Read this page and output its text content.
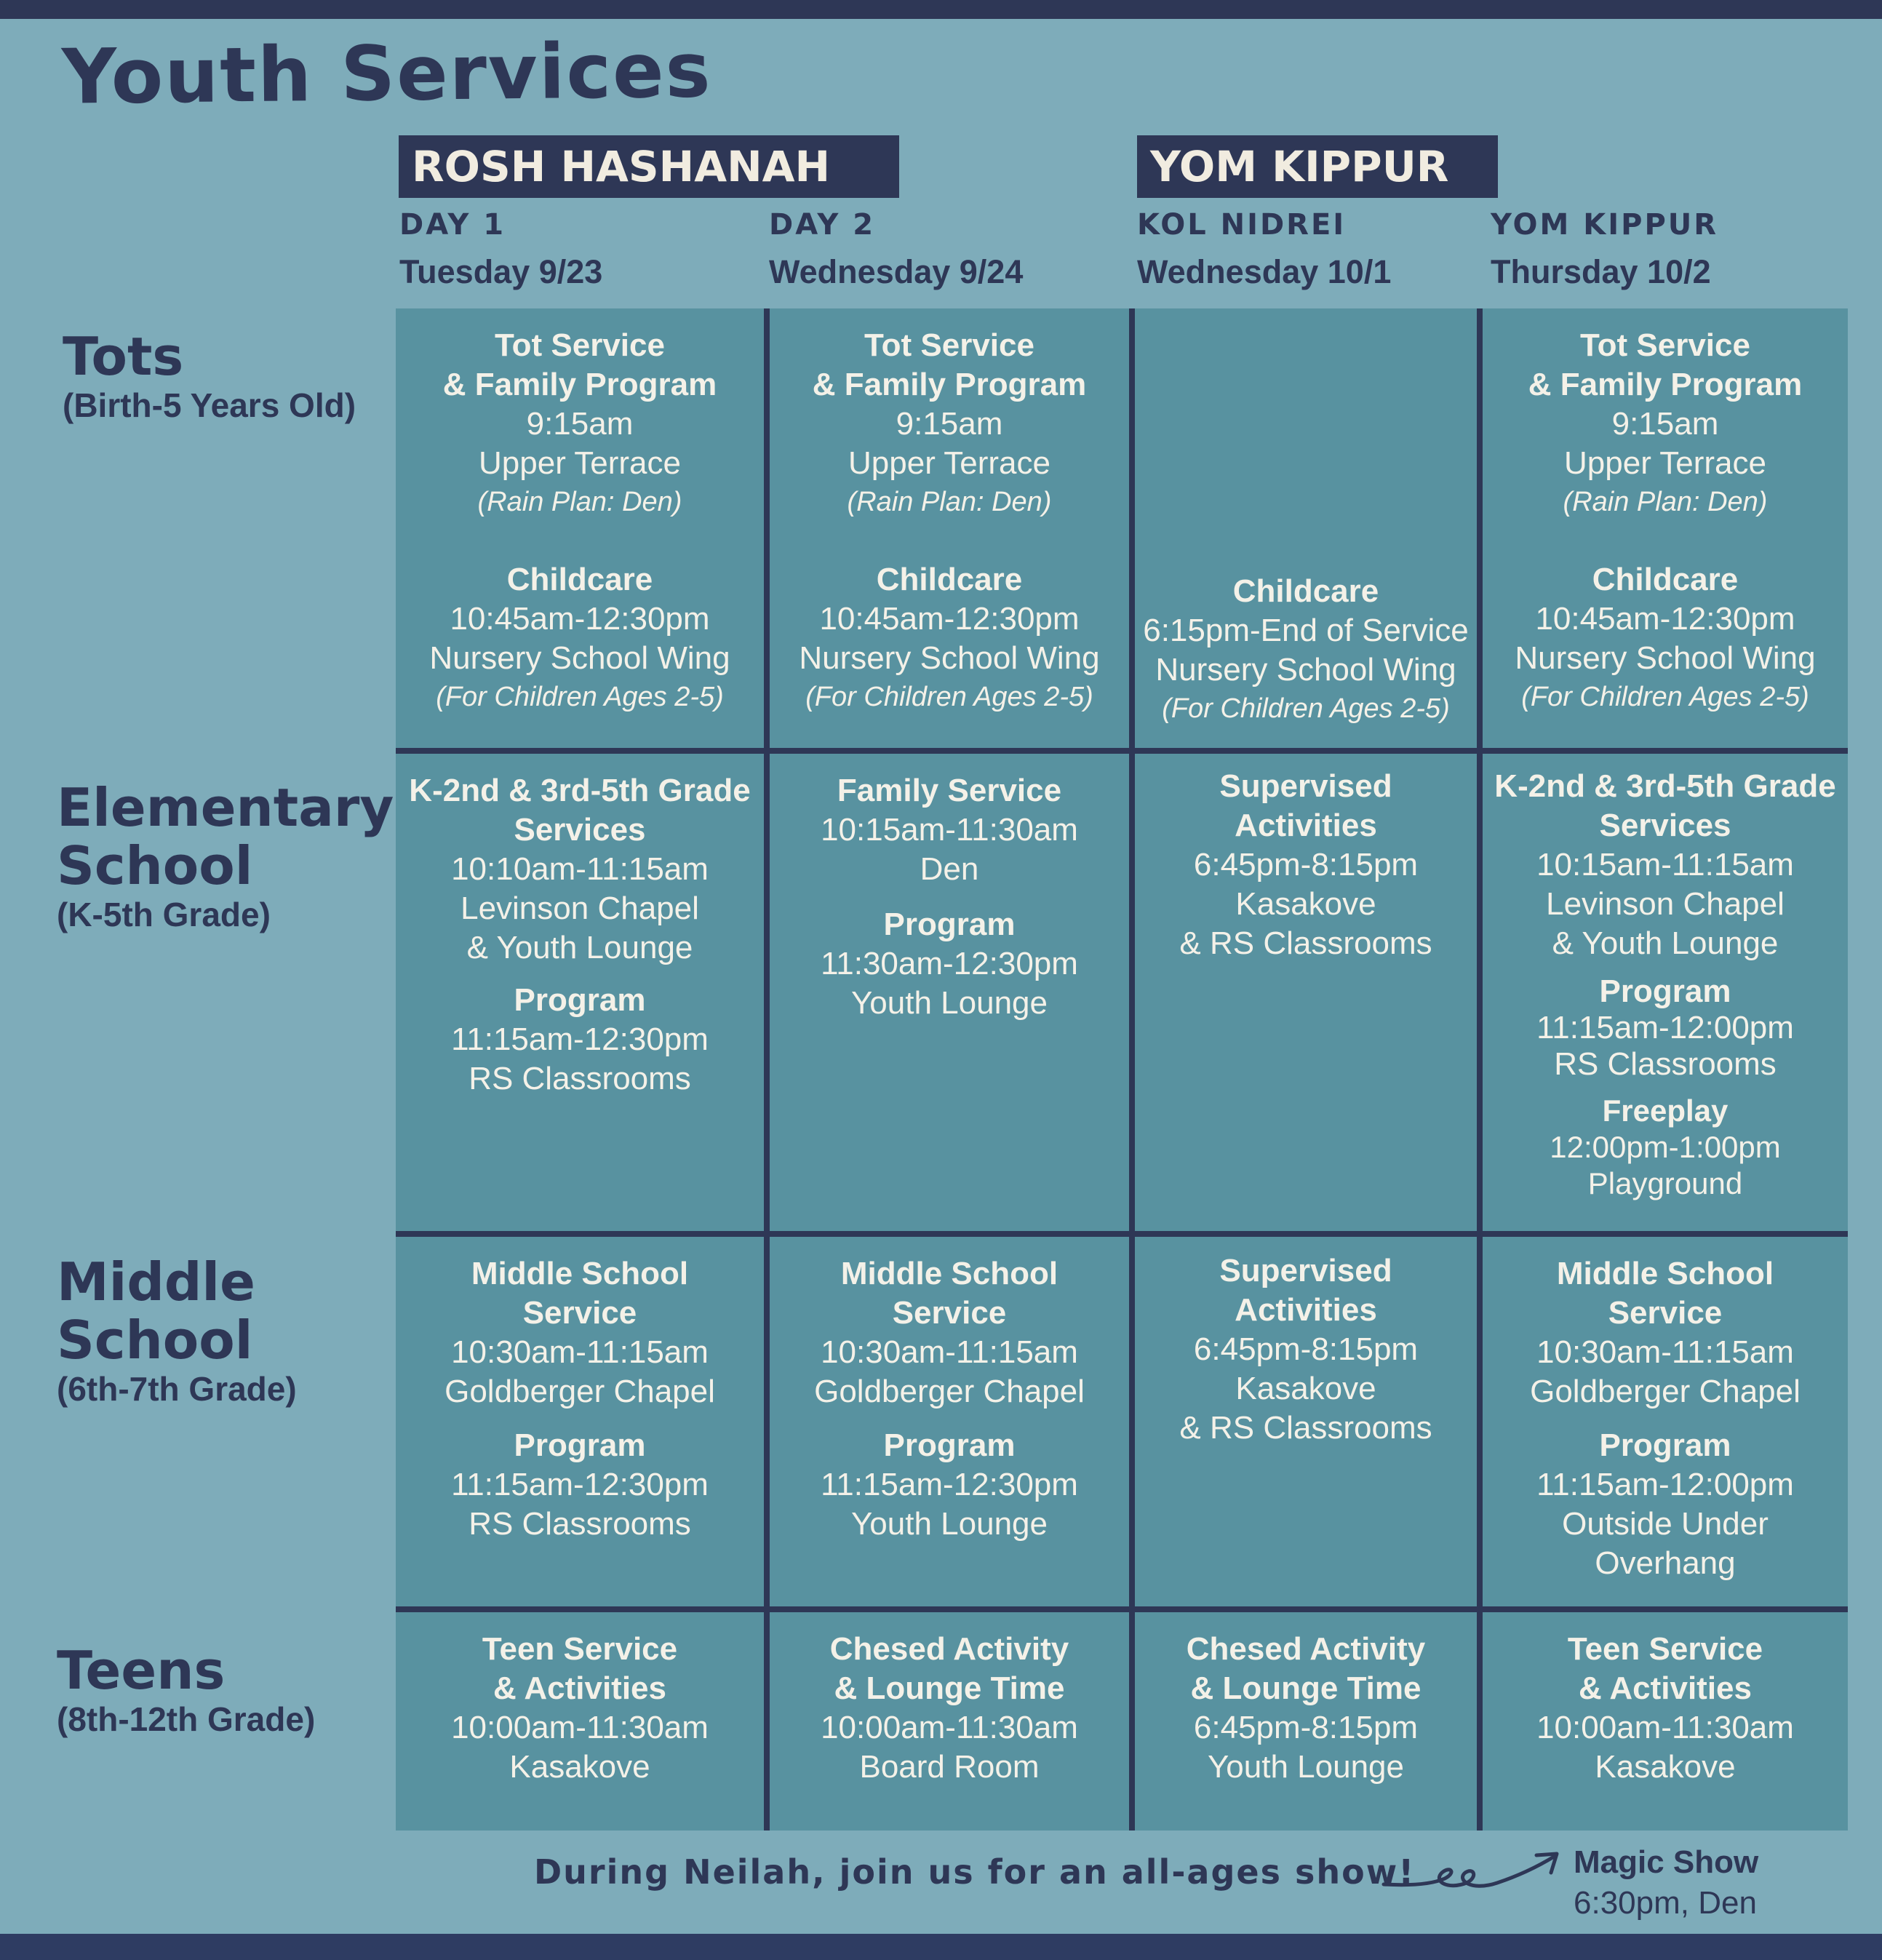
Youth Services
ROSH HASHANAH	YOM KIPPUR
DAY 1
Tuesday 9/23
DAY 2
Wednesday 9/24
KOL NIDREI
Wednesday 10/1
YOM KIPPUR
Thursday 10/2
Tots
(Birth-5 Years Old)
Elementary
School
(K-5th Grade)
Middle
School
(6th-7th Grade)
Teens
(8th-12th Grade)
Tot Service
& Family Program
9:15am
Upper Terrace
(Rain Plan: Den)
Childcare
10:45am-12:30pm
Nursery School Wing
(For Children Ages 2-5)
Tot Service
& Family Program
9:15am
Upper Terrace
(Rain Plan: Den)
Childcare
10:45am-12:30pm
Nursery School Wing
(For Children Ages 2-5)
Childcare
6:15pm-End of Service
Nursery School Wing
(For Children Ages 2-5)
Tot Service
& Family Program
9:15am
Upper Terrace
(Rain Plan: Den)
Childcare
10:45am-12:30pm
Nursery School Wing
(For Children Ages 2-5)
K-2nd & 3rd-5th Grade
Services
10:10am-11:15am
Levinson Chapel
& Youth Lounge
Program
11:15am-12:30pm
RS Classrooms
Family Service
10:15am-11:30am
Den
Program
11:30am-12:30pm
Youth Lounge
Supervised
Activities
6:45pm-8:15pm
Kasakove
& RS Classrooms
K-2nd & 3rd-5th Grade
Services
10:15am-11:15am
Levinson Chapel
& Youth Lounge
Program
11:15am-12:00pm
RS Classrooms
Freeplay
12:00pm-1:00pm
Playground
Middle School
Service
10:30am-11:15am
Goldberger Chapel
Program
11:15am-12:30pm
RS Classrooms
Middle School
Service
10:30am-11:15am
Goldberger Chapel
Program
11:15am-12:30pm
Youth Lounge
Supervised
Activities
6:45pm-8:15pm
Kasakove
& RS Classrooms
Middle School
Service
10:30am-11:15am
Goldberger Chapel
Program
11:15am-12:00pm
Outside Under
Overhang
Teen Service
& Activities
10:00am-11:30am
Kasakove
Chesed Activity
& Lounge Time
10:00am-11:30am
Board Room
Chesed Activity
& Lounge Time
6:45pm-8:15pm
Youth Lounge
Teen Service
& Activities
10:00am-11:30am
Kasakove
During Neilah, join us for an all-ages show!	Magic Show
6:30pm, Den
